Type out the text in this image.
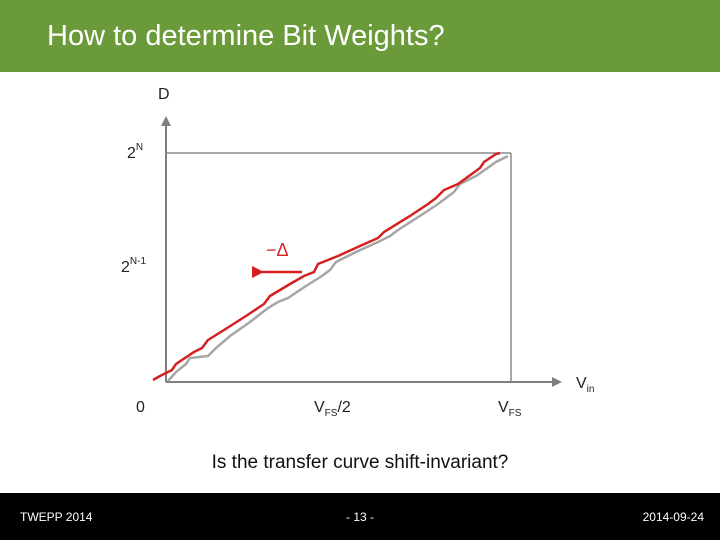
How to determine Bit Weights?
−Δ
D
$2^N$
$2^{N-1}$
0	$V_{FS}/2$	$V_{FS}$
$V_{in}$
Is the transfer curve shift-invariant?
TWEPP 2014	- 13 -	2014-09-24
